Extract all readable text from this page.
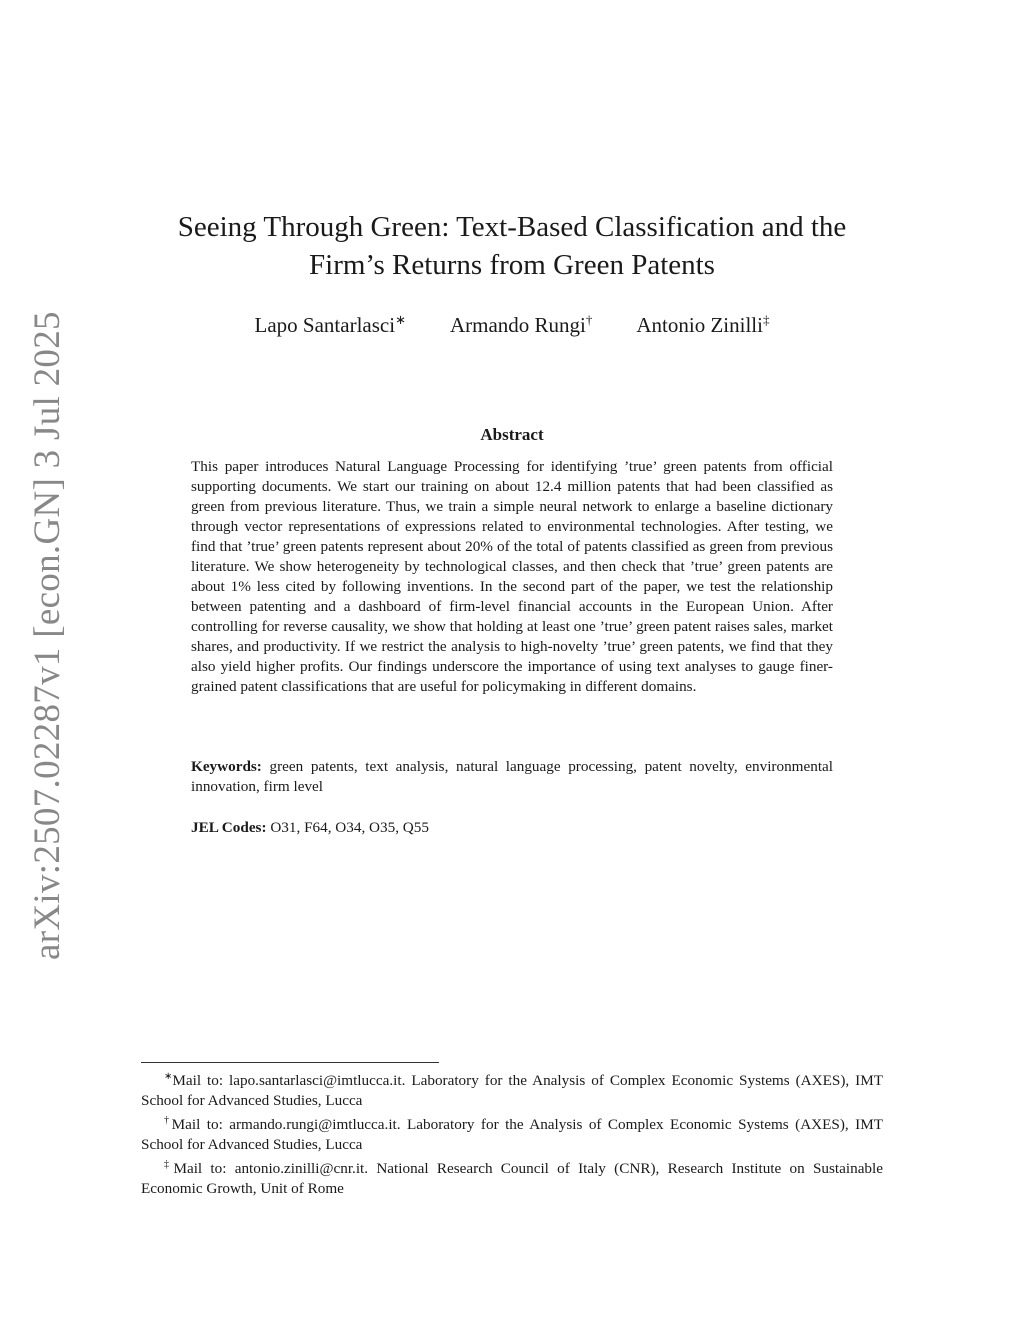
arXiv:2507.02287v1 [econ.GN] 3 Jul 2025
Seeing Through Green: Text-Based Classification and the
Firm’s Returns from Green Patents
Lapo Santarlasci∗ Armando Rungi† Antonio Zinilli‡
Abstract
This paper introduces Natural Language Processing for identifying ’true’ green patents from official supporting documents. We start our training on about 12.4 million patents that had been classified as green from previous literature. Thus, we train a simple neural network to enlarge a baseline dictionary through vector representations of expressions related to environmental technologies. After testing, we find that ’true’ green patents represent about 20% of the total of patents classified as green from previous literature. We show heterogeneity by technological classes, and then check that ’true’ green patents are about 1% less cited by following inventions. In the second part of the paper, we test the relationship between patenting and a dashboard of firm-level financial accounts in the European Union. After controlling for reverse causality, we show that holding at least one ’true’ green patent raises sales, market shares, and productivity. If we restrict the analysis to high-novelty ’true’ green patents, we find that they also yield higher profits. Our findings underscore the importance of using text analyses to gauge finer-grained patent classifications that are useful for policymaking in different domains.
Keywords: green patents, text analysis, natural language processing, patent novelty, environmental innovation, firm level
JEL Codes: O31, F64, O34, O35, Q55

∗Mail to: lapo.santarlasci@imtlucca.it. Laboratory for the Analysis of Complex Economic Systems (AXES), IMT School for Advanced Studies, Lucca

†Mail to: armando.rungi@imtlucca.it. Laboratory for the Analysis of Complex Economic Systems (AXES), IMT School for Advanced Studies, Lucca

‡Mail to: antonio.zinilli@cnr.it. National Research Council of Italy (CNR), Research Institute on Sustainable Economic Growth, Unit of Rome
